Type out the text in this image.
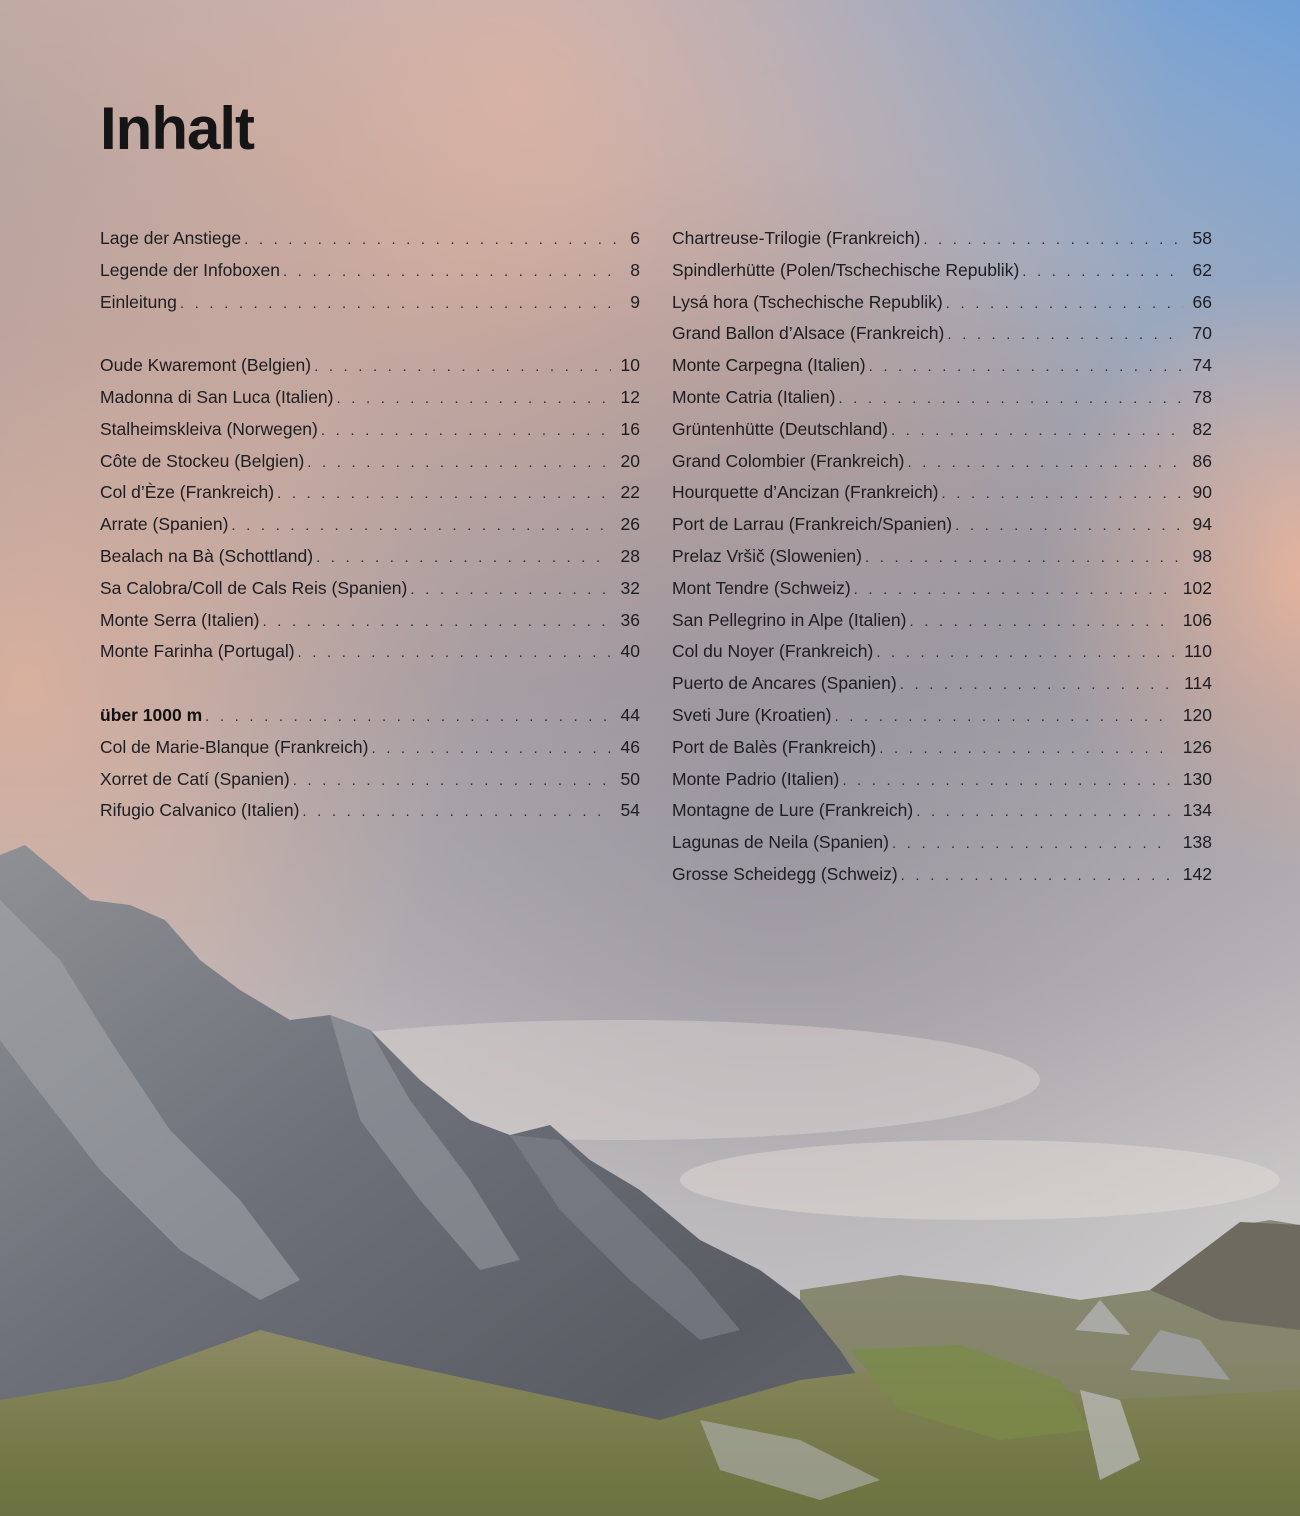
Inhalt
Lage der Anstiege . . .	6
Legende der Infoboxen . . .	8
Einleitung . . .	9
Oude Kwaremont (Belgien) . . .	10
Madonna di San Luca (Italien) . . .	12
Stalheimskleiva (Norwegen) . . .	16
Côte de Stockeu (Belgien) . . .	20
Col d’Èze (Frankreich) . . .	22
Arrate (Spanien) . . .	26
Bealach na Bà (Schottland) . . .	28
Sa Calobra/Coll de Cals Reis (Spanien) . . .	32
Monte Serra (Italien) . . .	36
Monte Farinha (Portugal) . . .	40
über 1000 m . . .	44
Col de Marie-Blanque (Frankreich) . . .	46
Xorret de Catí (Spanien) . . .	50
Rifugio Calvanico (Italien) . . .	54
Chartreuse-Trilogie (Frankreich) . . .	58
Spindlerhütte (Polen/Tschechische Republik) . . .	62
Lysá hora (Tschechische Republik) . . .	66
Grand Ballon d’Alsace (Frankreich) . . .	70
Monte Carpegna (Italien) . . .	74
Monte Catria (Italien) . . .	78
Grüntenhütte (Deutschland) . . .	82
Grand Colombier (Frankreich) . . .	86
Hourquette d’Ancizan (Frankreich) . . .	90
Port de Larrau (Frankreich/Spanien) . . .	94
Prelaz Vršič (Slowenien) . . .	98
Mont Tendre (Schweiz) . . .	102
San Pellegrino in Alpe (Italien) . . .	106
Col du Noyer (Frankreich) . . .	110
Puerto de Ancares (Spanien) . . .	114
Sveti Jure (Kroatien) . . .	120
Port de Balès (Frankreich) . . .	126
Monte Padrio (Italien) . . .	130
Montagne de Lure (Frankreich) . . .	134
Lagunas de Neila (Spanien) . . .	138
Grosse Scheidegg (Schweiz) . . .	142
